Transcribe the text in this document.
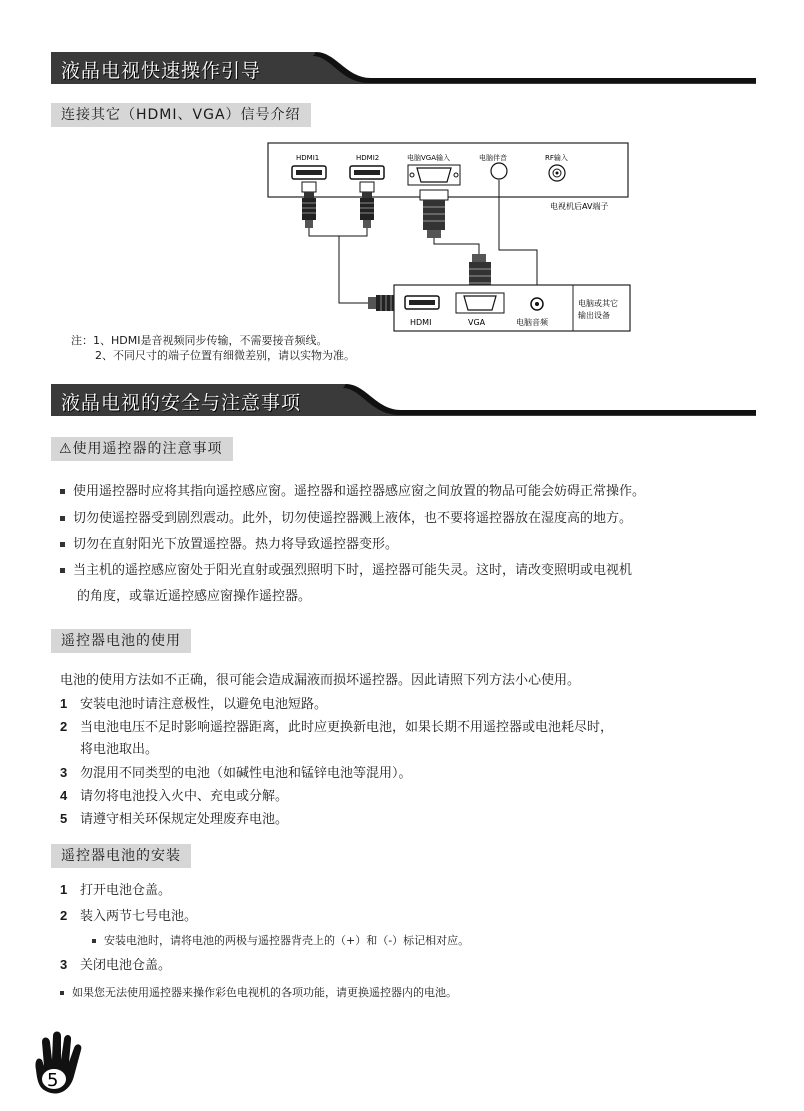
液晶电视快速操作引导
连接其它（HDMI、VGA）信号介绍
HDMI1	HDMI2	电脑VGA输入	电脑伴音	RF输入
电视机后AV端子
HDMI	VGA	电脑音频
电脑或其它
输出设备
注：1、HDMI是音视频同步传输，不需要接音频线。
2、不同尺寸的端子位置有细微差别，请以实物为准。
液晶电视的安全与注意事项
⚠使用遥控器的注意事项
使用遥控器时应将其指向遥控感应窗。遥控器和遥控器感应窗之间放置的物品可能会妨碍正常操作。
切勿使遥控器受到剧烈震动。此外，切勿使遥控器溅上液体，也不要将遥控器放在湿度高的地方。
切勿在直射阳光下放置遥控器。热力将导致遥控器变形。
当主机的遥控感应窗处于阳光直射或强烈照明下时，遥控器可能失灵。这时，请改变照明或电视机
的角度，或靠近遥控感应窗操作遥控器。
遥控器电池的使用
电池的使用方法如不正确，很可能会造成漏液而损坏遥控器。因此请照下列方法小心使用。
1 安装电池时请注意极性，以避免电池短路。
2 当电池电压不足时影响遥控器距离，此时应更换新电池，如果长期不用遥控器或电池耗尽时，
将电池取出。
3 勿混用不同类型的电池（如碱性电池和锰锌电池等混用）。
4 请勿将电池投入火中、充电或分解。
5 请遵守相关环保规定处理废弃电池。
遥控器电池的安装
1 打开电池仓盖。
2 装入两节七号电池。
安装电池时，请将电池的两极与遥控器背壳上的（+）和（-）标记相对应。
3 关闭电池仓盖。
如果您无法使用遥控器来操作彩色电视机的各项功能，请更换遥控器内的电池。
5
